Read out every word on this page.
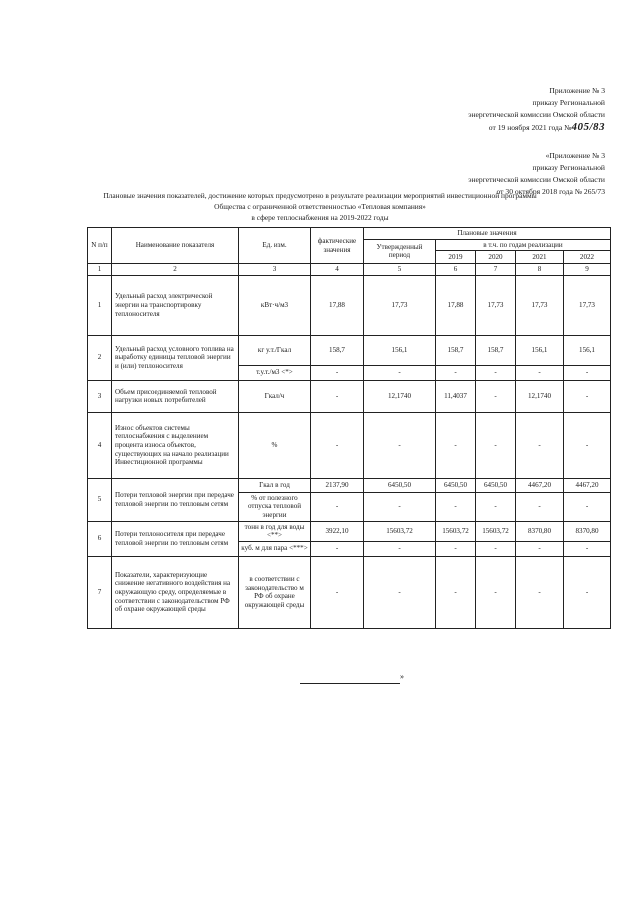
Приложение № 3
приказу Региональной
энергетической комиссии Омской области
от 19 ноября 2021 года №405/83
«Приложение № 3
приказу Региональной
энергетической комиссии Омской области
от 30 октября 2018 года № 265/73
Плановые значения показателей, достижение которых предусмотрено в результате реализации мероприятий инвестиционной программы
Общества с ограниченной ответственностью «Тепловая компания»
в сфере теплоснабжения на 2019-2022 годы
N п/п	Наименование показателя	Ед. изм.	фактические значения	Плановые значения				
				Утвержденный период	в т.ч. по годам реализации			
					2019	2020	2021	2022
1	2	3	4	5	6	7	8	9
1	Удельный расход электрической энергии на транспортировку теплоносителя	кВт·ч/м3	17,88	17,73	17,88	17,73	17,73	17,73
2	Удельный расход условного топлива на выработку единицы тепловой энергии и (или) теплоносителя	кг у.т./Гкал	158,7	156,1	158,7	158,7	156,1	156,1
		т.у.т./м3 <*>	-	-	-	-	-	-
3	Объем присоединяемой тепловой нагрузки новых потребителей	Гкал/ч	-	12,1740	11,4037	-	12,1740	-
4	Износ объектов системы теплоснабжения с выделением процента износа объектов, существующих на начало реализации Инвестиционной программы	%	-	-	-	-	-	-
5	Потери тепловой энергии при передаче тепловой энергии по тепловым сетям	Гкал в год	2137,90	6450,50	6450,50	6450,50	4467,20	4467,20
		% от полезного отпуска тепловой энергии	-	-	-	-	-	-
6	Потери теплоносителя при передаче тепловой энергии по тепловым сетям	тонн в год для воды <**>	3922,10	15603,72	15603,72	15603,72	8370,80	8370,80
		куб. м для пара <***>	-	-	-	-	-	-
7	Показатели, характеризующие снижение негативного воздействия на окружающую среду, определяемые в соответствии с законодательством РФ об охране окружающей среды	в соответствии с законодательство м РФ об охране окружающей среды	-	-	-	-	-	-
»
